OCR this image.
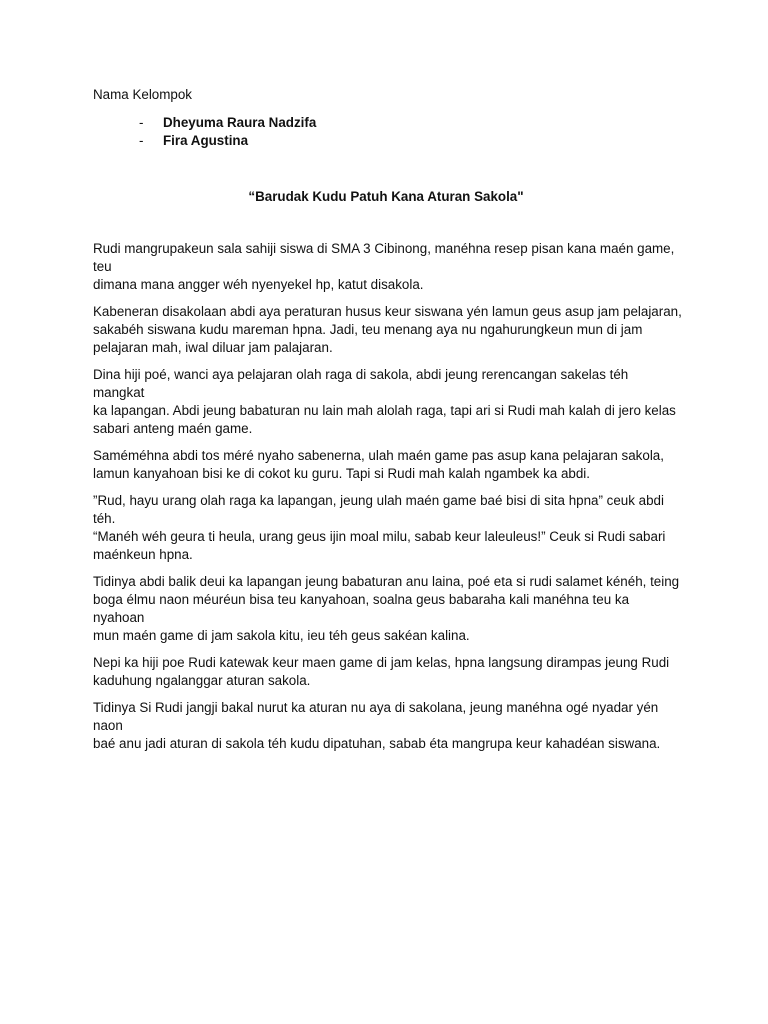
Nama Kelompok
- Dheyuma Raura Nadzifa
- Fira Agustina
“Barudak Kudu Patuh Kana Aturan Sakola"

Rudi mangrupakeun sala sahiji siswa di SMA 3 Cibinong, manéhna resep pisan kana maén game, teu
dimana mana angger wéh nyenyekel hp, katut disakola.

Kabeneran disakolaan abdi aya peraturan husus keur siswana yén lamun geus asup jam pelajaran,
sakabéh siswana kudu mareman hpna. Jadi, teu menang aya nu ngahurungkeun mun di jam
pelajaran mah, iwal diluar jam palajaran.

Dina hiji poé, wanci aya pelajaran olah raga di sakola, abdi jeung rerencangan sakelas téh mangkat
ka lapangan. Abdi jeung babaturan nu lain mah alolah raga, tapi ari si Rudi mah kalah di jero kelas
sabari anteng maén game.

Saméméhna abdi tos méré nyaho sabenerna, ulah maén game pas asup kana pelajaran sakola,
lamun kanyahoan bisi ke di cokot ku guru. Tapi si Rudi mah kalah ngambek ka abdi.

”Rud, hayu urang olah raga ka lapangan, jeung ulah maén game baé bisi di sita hpna” ceuk abdi téh.
“Manéh wéh geura ti heula, urang geus ijin moal milu, sabab keur laleuleus!” Ceuk si Rudi sabari
maénkeun hpna.

Tidinya abdi balik deui ka lapangan jeung babaturan anu laina, poé eta si rudi salamet kénéh, teing
boga élmu naon méuréun bisa teu kanyahoan, soalna geus babaraha kali manéhna teu ka nyahoan
mun maén game di jam sakola kitu, ieu téh geus sakéan kalina.

Nepi ka hiji poe Rudi katewak keur maen game di jam kelas, hpna langsung dirampas jeung Rudi
kaduhung ngalanggar aturan sakola.

Tidinya Si Rudi jangji bakal nurut ka aturan nu aya di sakolana, jeung manéhna ogé nyadar yén naon
baé anu jadi aturan di sakola téh kudu dipatuhan, sabab éta mangrupa keur kahadéan siswana.
